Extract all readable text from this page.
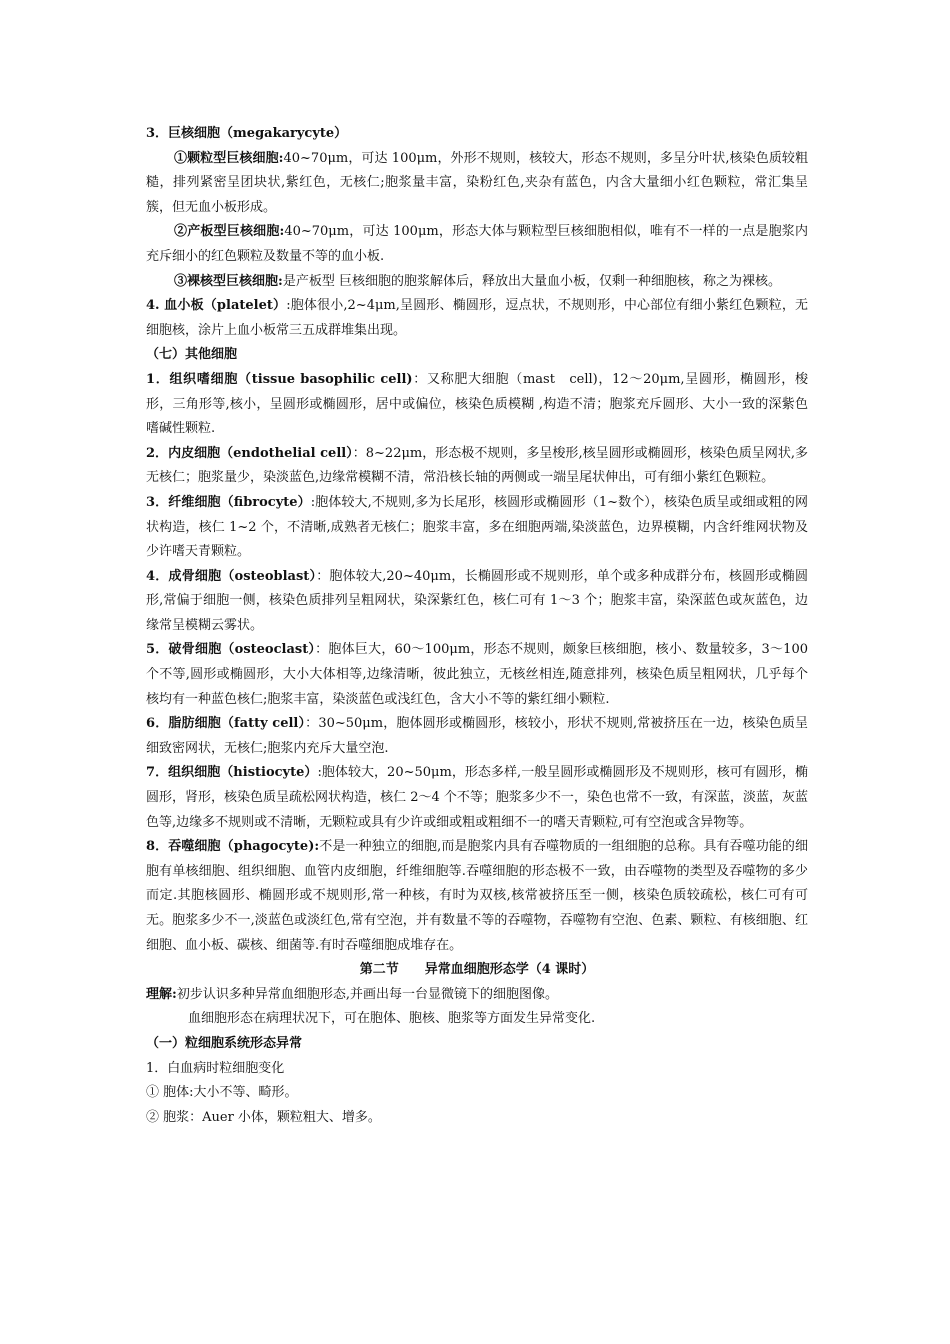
3．巨核细胞（megakarycyte）

①颗粒型巨核细胞:40~70μm，可达 100μm，外形不规则，核较大，形态不规则，多呈分叶状,核染色质较粗糙，排列紧密呈团块状,紫红色，无核仁;胞浆量丰富，染粉红色,夹杂有蓝色，内含大量细小红色颗粒，常汇集呈簇，但无血小板形成。

②产板型巨核细胞:40~70μm，可达 100μm，形态大体与颗粒型巨核细胞相似，唯有不一样的一点是胞浆内充斥细小的红色颗粒及数量不等的血小板.

③裸核型巨核细胞:是产板型 巨核细胞的胞浆解体后，释放出大量血小板，仅剩一种细胞核，称之为裸核。

4. 血小板（platelet）:胞体很小,2~4μm,呈圆形、椭圆形，逗点状，不规则形，中心部位有细小紫红色颗粒，无细胞核，涂片上血小板常三五成群堆集出现。

（七）其他细胞

1．组织嗜细胞（tissue basophilic cell)：又称肥大细胞（mast　cell)，12～20μm,呈圆形，椭圆形，梭形，三角形等,核小，呈圆形或椭圆形，居中或偏位，核染色质模糊 ,构造不清；胞浆充斥圆形、大小一致的深紫色嗜碱性颗粒.

2．内皮细胞（endothelial cell）：8~22μm，形态极不规则，多呈梭形,核呈圆形或椭圆形，核染色质呈网状,多无核仁；胞浆量少，染淡蓝色,边缘常模糊不清，常沿核长轴的两侧或一端呈尾状伸出，可有细小紫红色颗粒。

3．纤维细胞（fibrocyte）:胞体较大,不规则,多为长尾形，核圆形或椭圆形（1~数个），核染色质呈或细或粗的网状构造，核仁 1~2 个，不清晰,成熟者无核仁；胞浆丰富，多在细胞两端,染淡蓝色，边界模糊，内含纤维网状物及少许嗜天青颗粒。

4．成骨细胞（osteoblast）：胞体较大,20~40μm，长椭圆形或不规则形，单个或多种成群分布，核圆形或椭圆形,常偏于细胞一侧，核染色质排列呈粗网状，染深紫红色，核仁可有 1～3 个；胞浆丰富，染深蓝色或灰蓝色，边缘常呈模糊云雾状。

5．破骨细胞（osteoclast）：胞体巨大，60～100μm，形态不规则，颇象巨核细胞，核小、数量较多，3～100 个不等,圆形或椭圆形，大小大体相等,边缘清晰，彼此独立，无核丝相连,随意排列，核染色质呈粗网状，几乎每个核均有一种蓝色核仁;胞浆丰富，染淡蓝色或浅红色，含大小不等的紫红细小颗粒.

6．脂肪细胞（fatty cell）：30~50μm，胞体圆形或椭圆形，核较小，形状不规则,常被挤压在一边，核染色质呈细致密网状，无核仁;胞浆内充斥大量空泡.

7．组织细胞（histiocyte）:胞体较大，20~50μm，形态多样,一般呈圆形或椭圆形及不规则形，核可有圆形，椭圆形，肾形，核染色质呈疏松网状构造，核仁 2～4 个不等；胞浆多少不一，染色也常不一致，有深蓝，淡蓝，灰蓝色等,边缘多不规则或不清晰，无颗粒或具有少许或细或粗或粗细不一的嗜天青颗粒,可有空泡或含异物等。

8．吞噬细胞（phagocyte):不是一种独立的细胞,而是胞浆内具有吞噬物质的一组细胞的总称。具有吞噬功能的细胞有单核细胞、组织细胞、血管内皮细胞，纤维细胞等.吞噬细胞的形态极不一致，由吞噬物的类型及吞噬物的多少而定.其胞核圆形、椭圆形或不规则形,常一种核，有时为双核,核常被挤压至一侧，核染色质较疏松，核仁可有可无。胞浆多少不一,淡蓝色或淡红色,常有空泡，并有数量不等的吞噬物，吞噬物有空泡、色素、颗粒、有核细胞、红细胞、血小板、碳核、细菌等.有时吞噬细胞成堆存在。

第二节　　异常血细胞形态学（4 课时）

理解:初步认识多种异常血细胞形态,并画出每一台显微镜下的细胞图像。

血细胞形态在病理状况下，可在胞体、胞核、胞浆等方面发生异常变化.

（一）粒细胞系统形态异常

1．白血病时粒细胞变化

① 胞体:大小不等、畸形。

② 胞浆：Auer 小体，颗粒粗大、增多。
